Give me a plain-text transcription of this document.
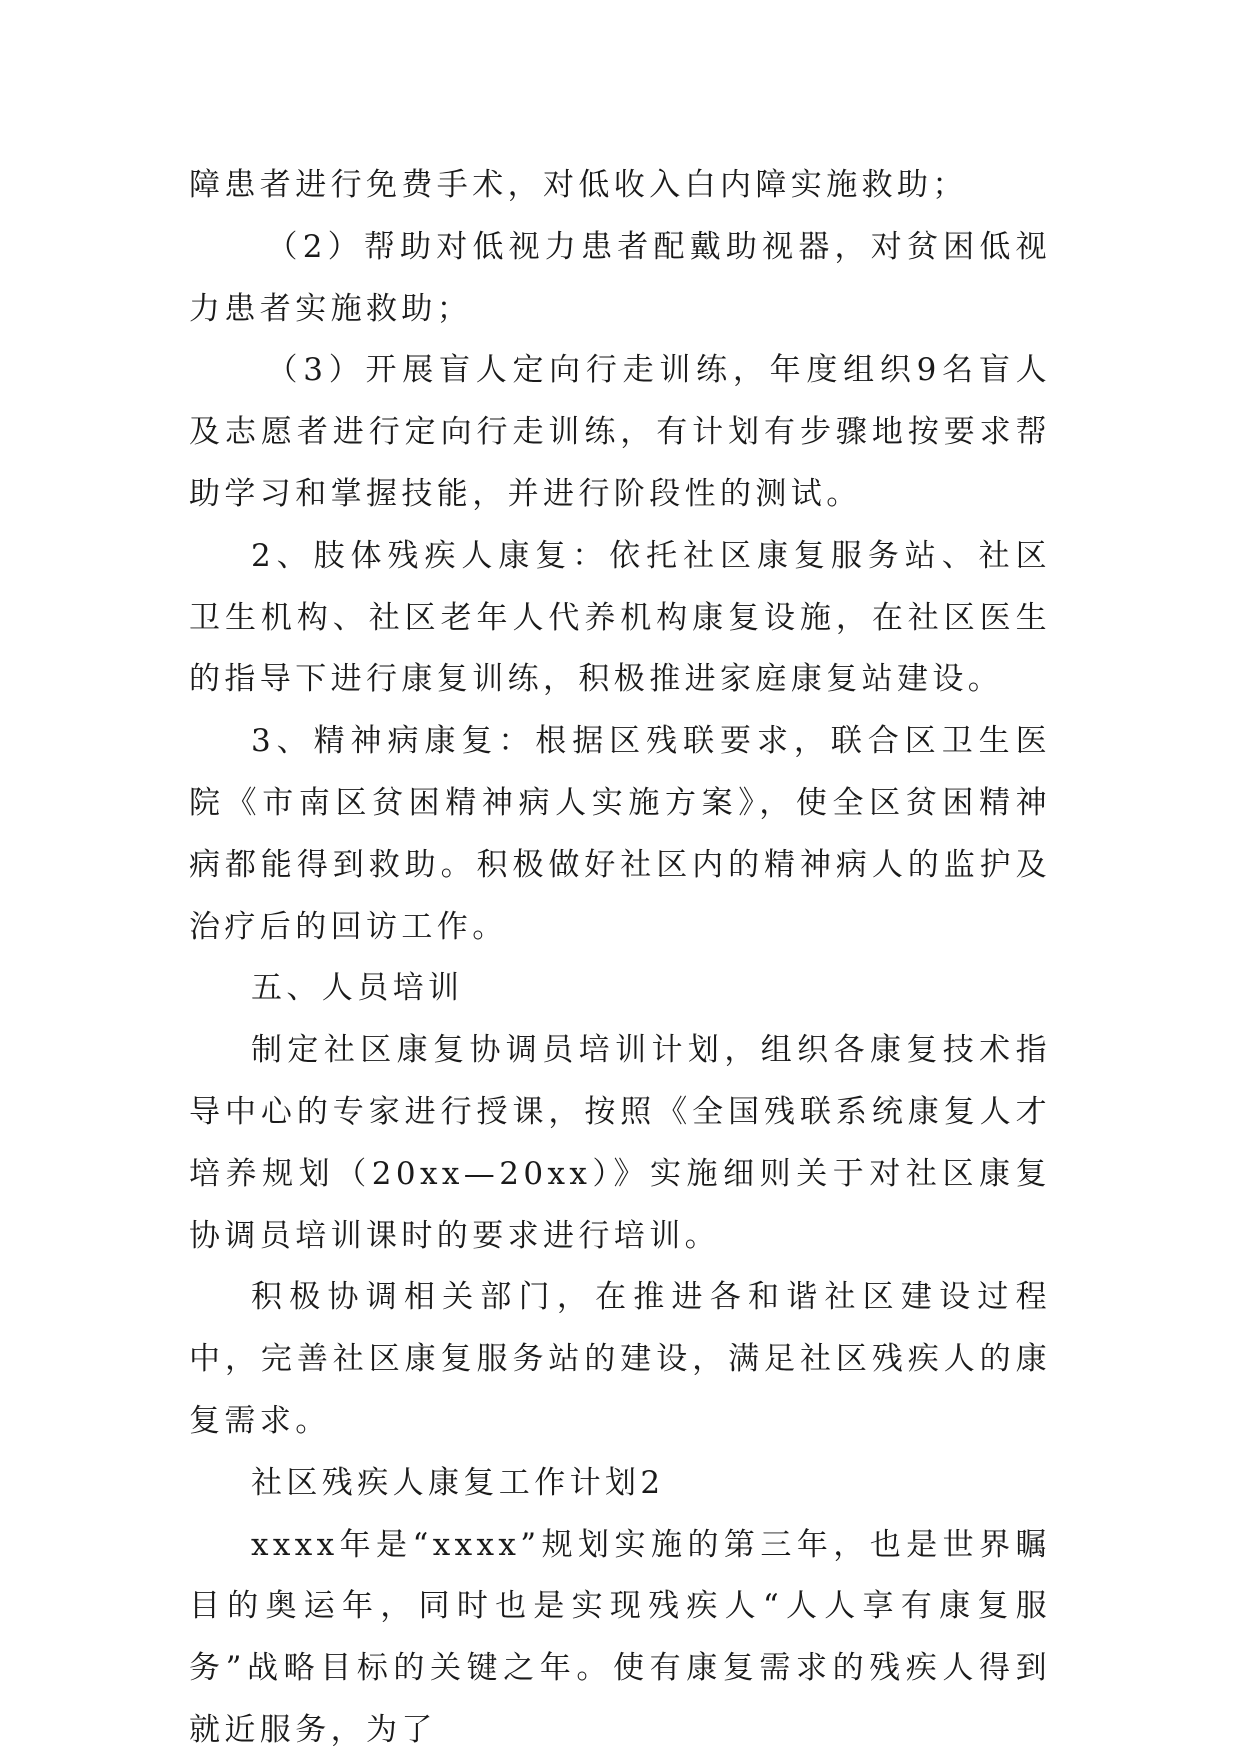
障患者进行免费手术，对低收入白内障实施救助；

（2）帮助对低视力患者配戴助视器，对贫困低视力患者实施救助；

（3）开展盲人定向行走训练，年度组织9名盲人及志愿者进行定向行走训练，有计划有步骤地按要求帮助学习和掌握技能，并进行阶段性的测试。

2、肢体残疾人康复：依托社区康复服务站、社区卫生机构、社区老年人代养机构康复设施，在社区医生的指导下进行康复训练，积极推进家庭康复站建设。

3、精神病康复：根据区残联要求，联合区卫生医院《市南区贫困精神病人实施方案》，使全区贫困精神病都能得到救助。积极做好社区内的精神病人的监护及治疗后的回访工作。

五、人员培训

制定社区康复协调员培训计划，组织各康复技术指导中心的专家进行授课，按照《全国残联系统康复人才培养规划（20xx—20xx）》实施细则关于对社区康复协调员培训课时的要求进行培训。

积极协调相关部门，在推进各和谐社区建设过程中，完善社区康复服务站的建设，满足社区残疾人的康复需求。

社区残疾人康复工作计划2

xxxx年是“xxxx”规划实施的第三年，也是世界瞩目的奥运年，同时也是实现残疾人“人人享有康复服务”战略目标的关键之年。使有康复需求的残疾人得到就近服务，为了
